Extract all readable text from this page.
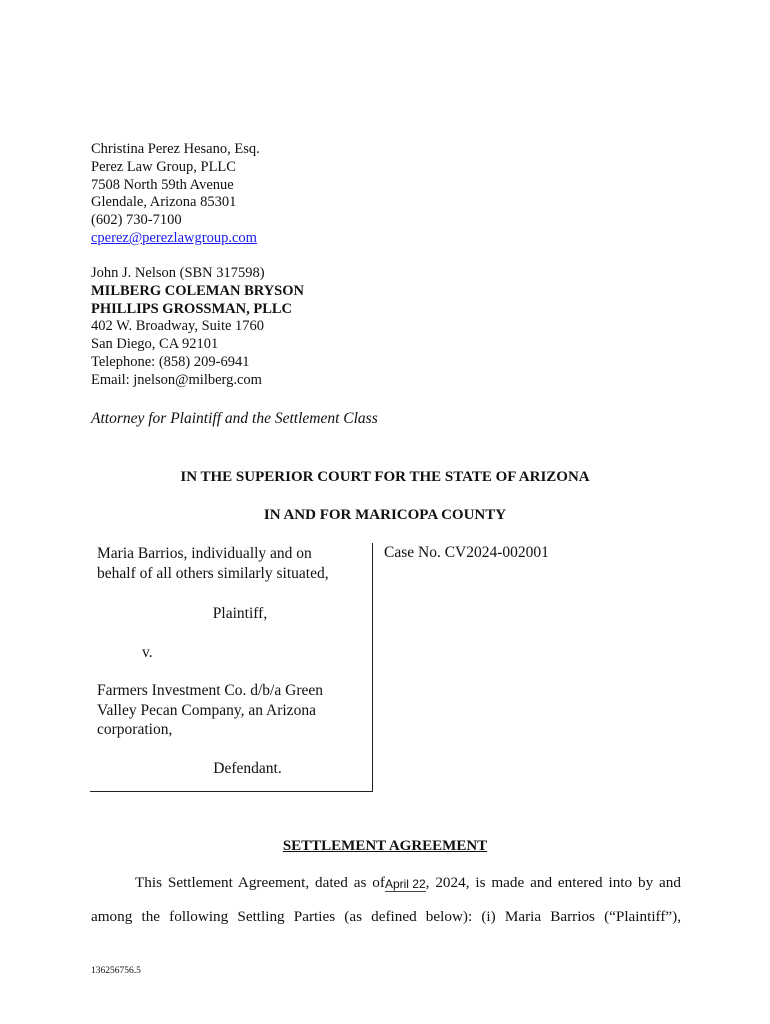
Christina Perez Hesano, Esq.
Perez Law Group, PLLC
7508 North 59th Avenue
Glendale, Arizona 85301
(602) 730-7100
cperez@perezlawgroup.com
John J. Nelson (SBN 317598)
MILBERG COLEMAN BRYSON
PHILLIPS GROSSMAN, PLLC
402 W. Broadway, Suite 1760
San Diego, CA 92101
Telephone: (858) 209-6941
Email: jnelson@milberg.com
Attorney for Plaintiff and the Settlement Class
IN THE SUPERIOR COURT FOR THE STATE OF ARIZONA
IN AND FOR MARICOPA COUNTY
Maria Barrios, individually and on
behalf of all others similarly situated,
Plaintiff,
v.
Farmers Investment Co. d/b/a Green
Valley Pecan Company, an Arizona
corporation,
Defendant.
Case No. CV2024-002001
SETTLEMENT AGREEMENT
This Settlement Agreement, dated as ofApril 22, 2024, is made and entered into by and
among the following Settling Parties (as defined below): (i) Maria Barrios (“Plaintiff”),
136256756.5
